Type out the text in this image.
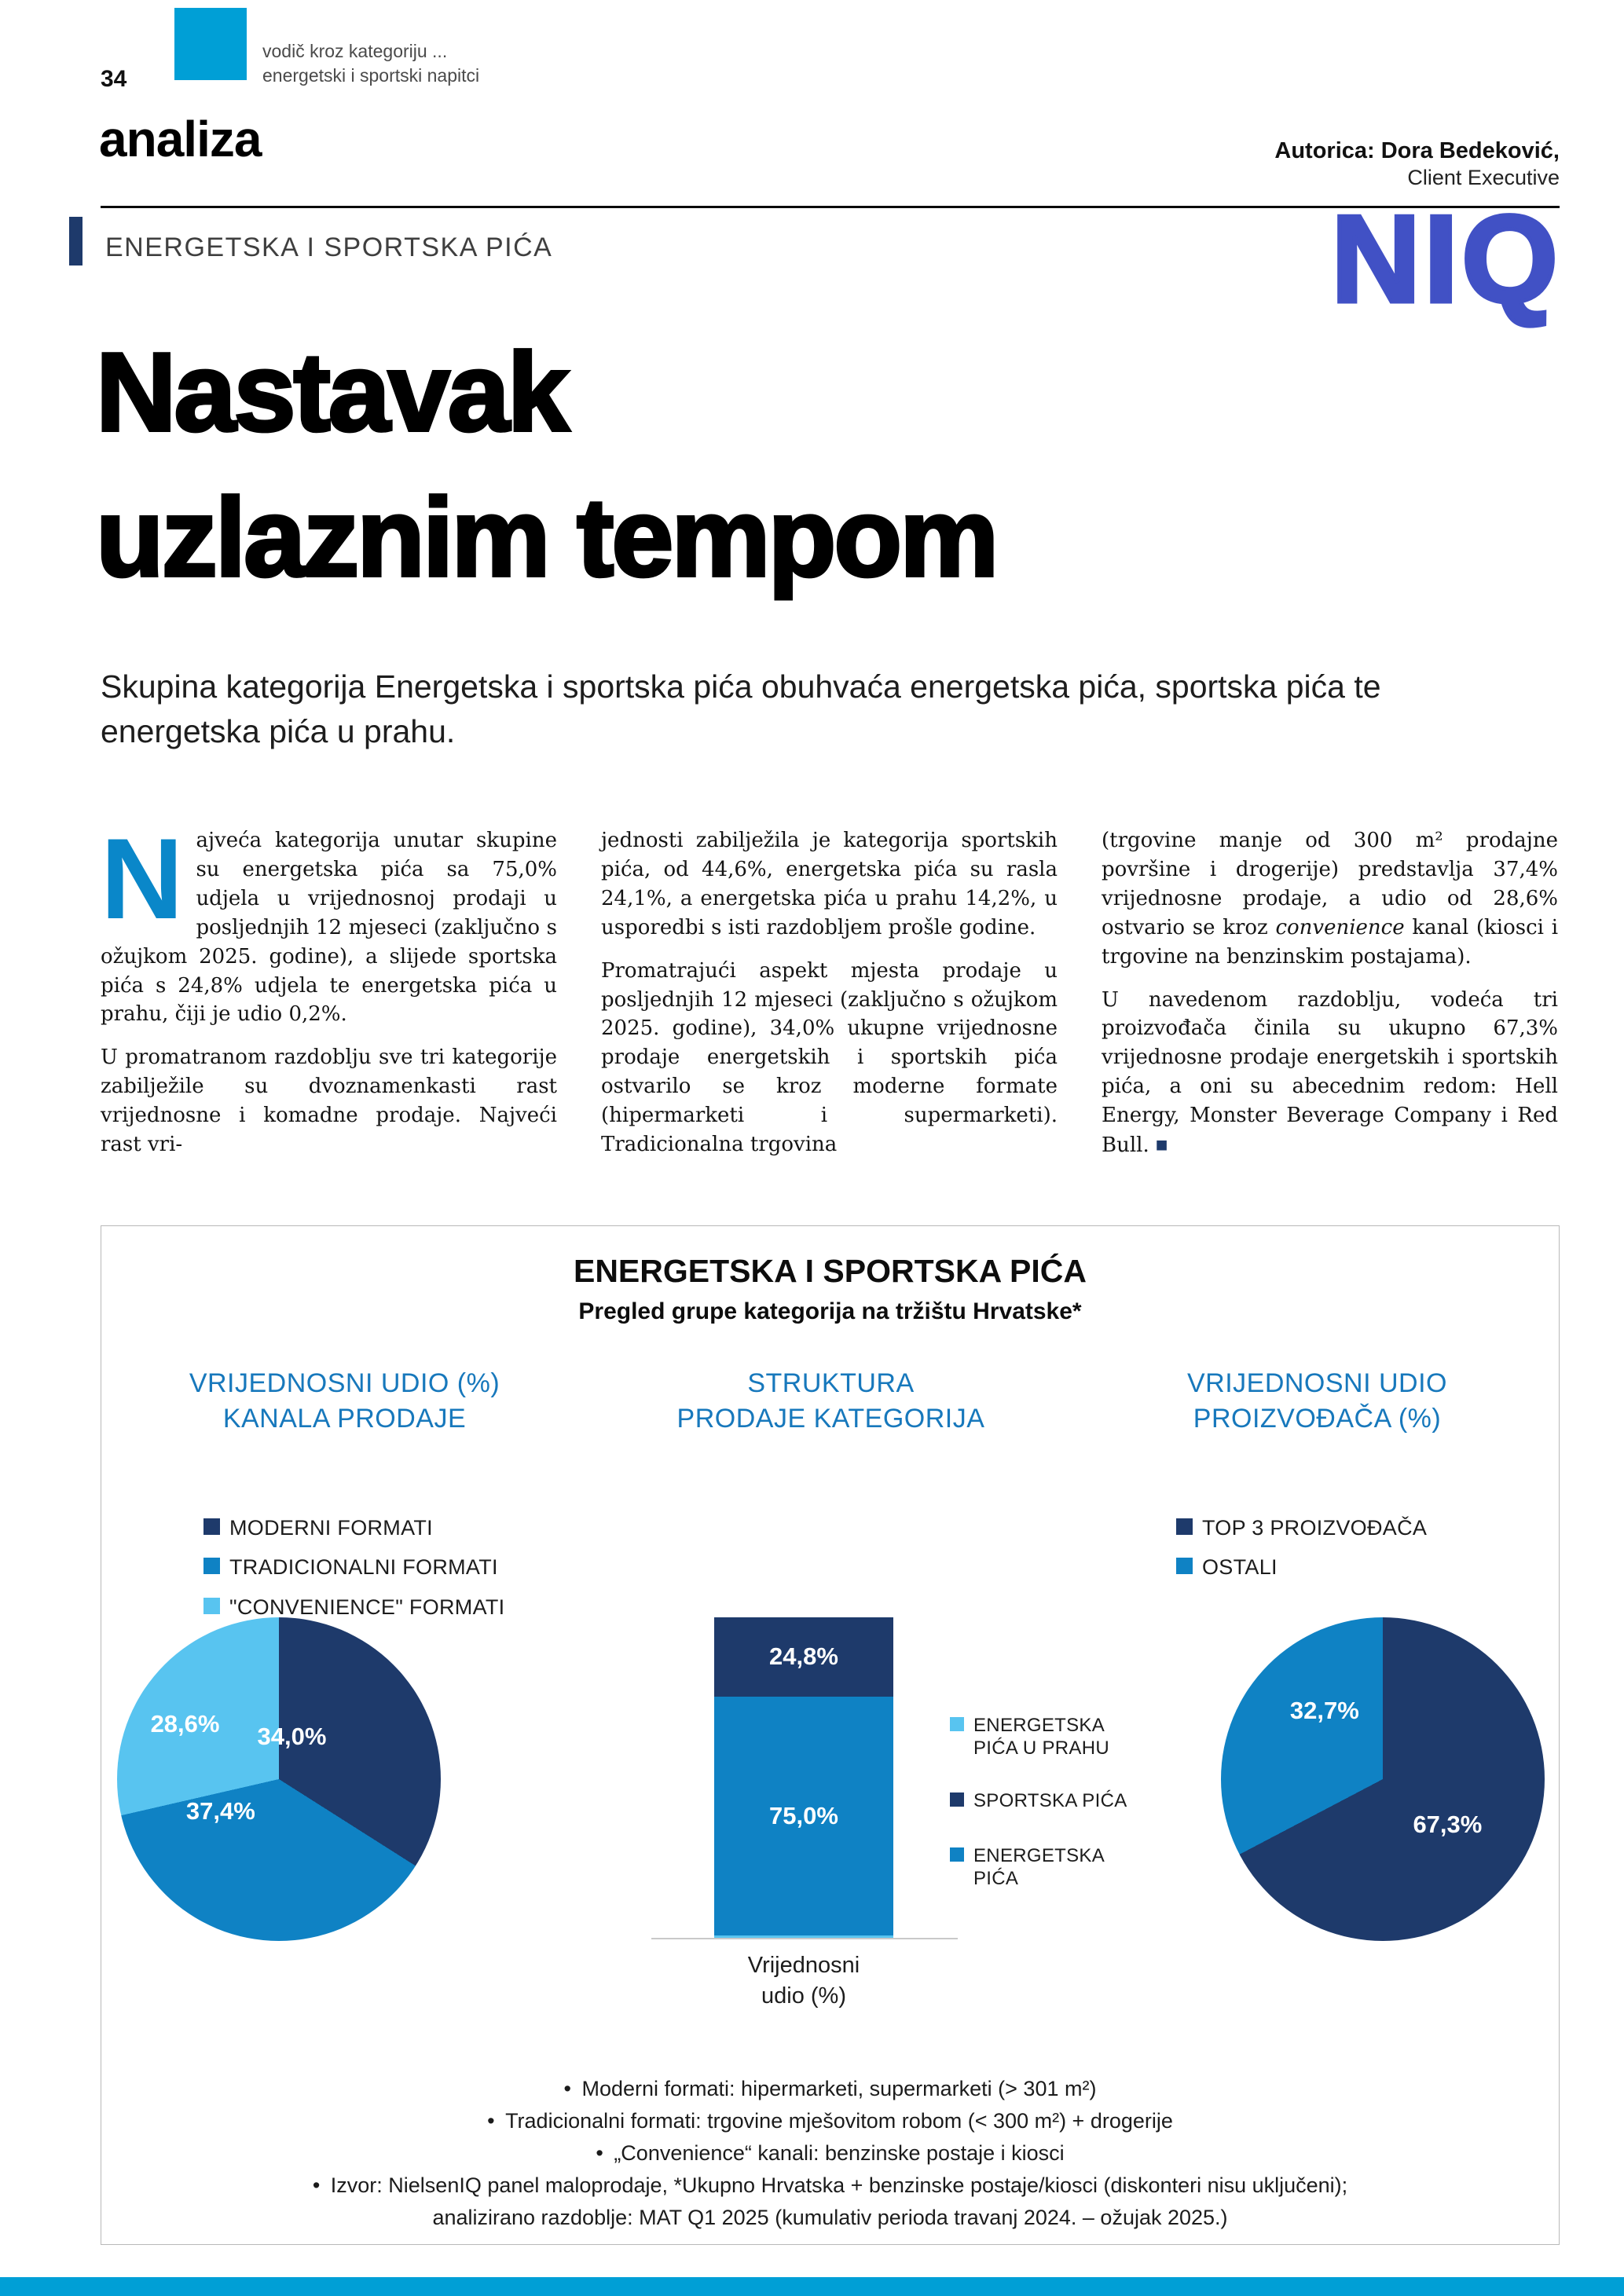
34
vodič kroz kategoriju ...
energetski i sportski napitci
analiza	Autorica: Dora Bedeković,
Client Executive
ENERGETSKA I SPORTSKA PIĆA	NIQ
Nastavak
uzlaznim tempom

Skupina kategorija Energetska i sportska pića obuhvaća energetska pića, sportska pića te energetska pića u prahu.

Najveća kategorija unutar skupine su energetska pića sa 75,0% udjela u vrijednosnoj prodaji u posljednjih 12 mjeseci (zaključno s ožujkom 2025. godine), a slijede sportska pića s 24,8% udjela te energetska pića u prahu, čiji je udio 0,2%.

U promatranom razdoblju sve tri kategorije zabilježile su dvoznamenkasti rast vrijednosne i komadne prodaje. Najveći rast vri-

jednosti zabilježila je kategorija sportskih pića, od 44,6%, energetska pića su rasla 24,1%, a energetska pića u prahu 14,2%, u usporedbi s isti razdobljem prošle godine.

Promatrajući aspekt mjesta prodaje u posljednjih 12 mjeseci (zaključno s ožujkom 2025. godine), 34,0% ukupne vrijednosne prodaje energetskih i sportskih pića ostvarilo se kroz moderne formate (hipermarketi i supermarketi). Tradicionalna trgovina

(trgovine manje od 300 m² prodajne površine i drogerije) predstavlja 37,4% vrijednosne prodaje, a udio od 28,6% ostvario se kroz convenience kanal (kiosci i trgovine na benzinskim postajama).

U navedenom razdoblju, vodeća tri proizvođača činila su ukupno 67,3% vrijednosne prodaje energetskih i sportskih pića, a oni su abecednim redom: Hell Energy, Monster Beverage Company i Red Bull. ■

ENERGETSKA I SPORTSKA PIĆA
Pregled grupe kategorija na tržištu Hrvatske*
VRIJEDNOSNI UDIO (%)
KANALA PRODAJE
STRUKTURA
PRODAJE KATEGORIJA
VRIJEDNOSNI UDIO
PROIZVOĐAČA (%)
MODERNI FORMATI
TRADICIONALNI FORMATI
"CONVENIENCE" FORMATI
34,0%
37,4%
28,6%
24,8%
75,0%
Vrijednosni
udio (%)
ENERGETSKA PIĆA U PRAHU
SPORTSKA PIĆA
ENERGETSKA PIĆA
TOP 3 PROIZVOĐAČA
OSTALI
67,3%
32,7%
• Moderni formati: hipermarketi, supermarketi (> 301 m²)
• Tradicionalni formati: trgovine mješovitom robom (< 300 m²) + drogerije
• „Convenience“ kanali: benzinske postaje i kiosci
• Izvor: NielsenIQ panel maloprodaje, *Ukupno Hrvatska + benzinske postaje/kiosci (diskonteri nisu uključeni);
analizirano razdoblje: MAT Q1 2025 (kumulativ perioda travanj 2024. – ožujak 2025.)
